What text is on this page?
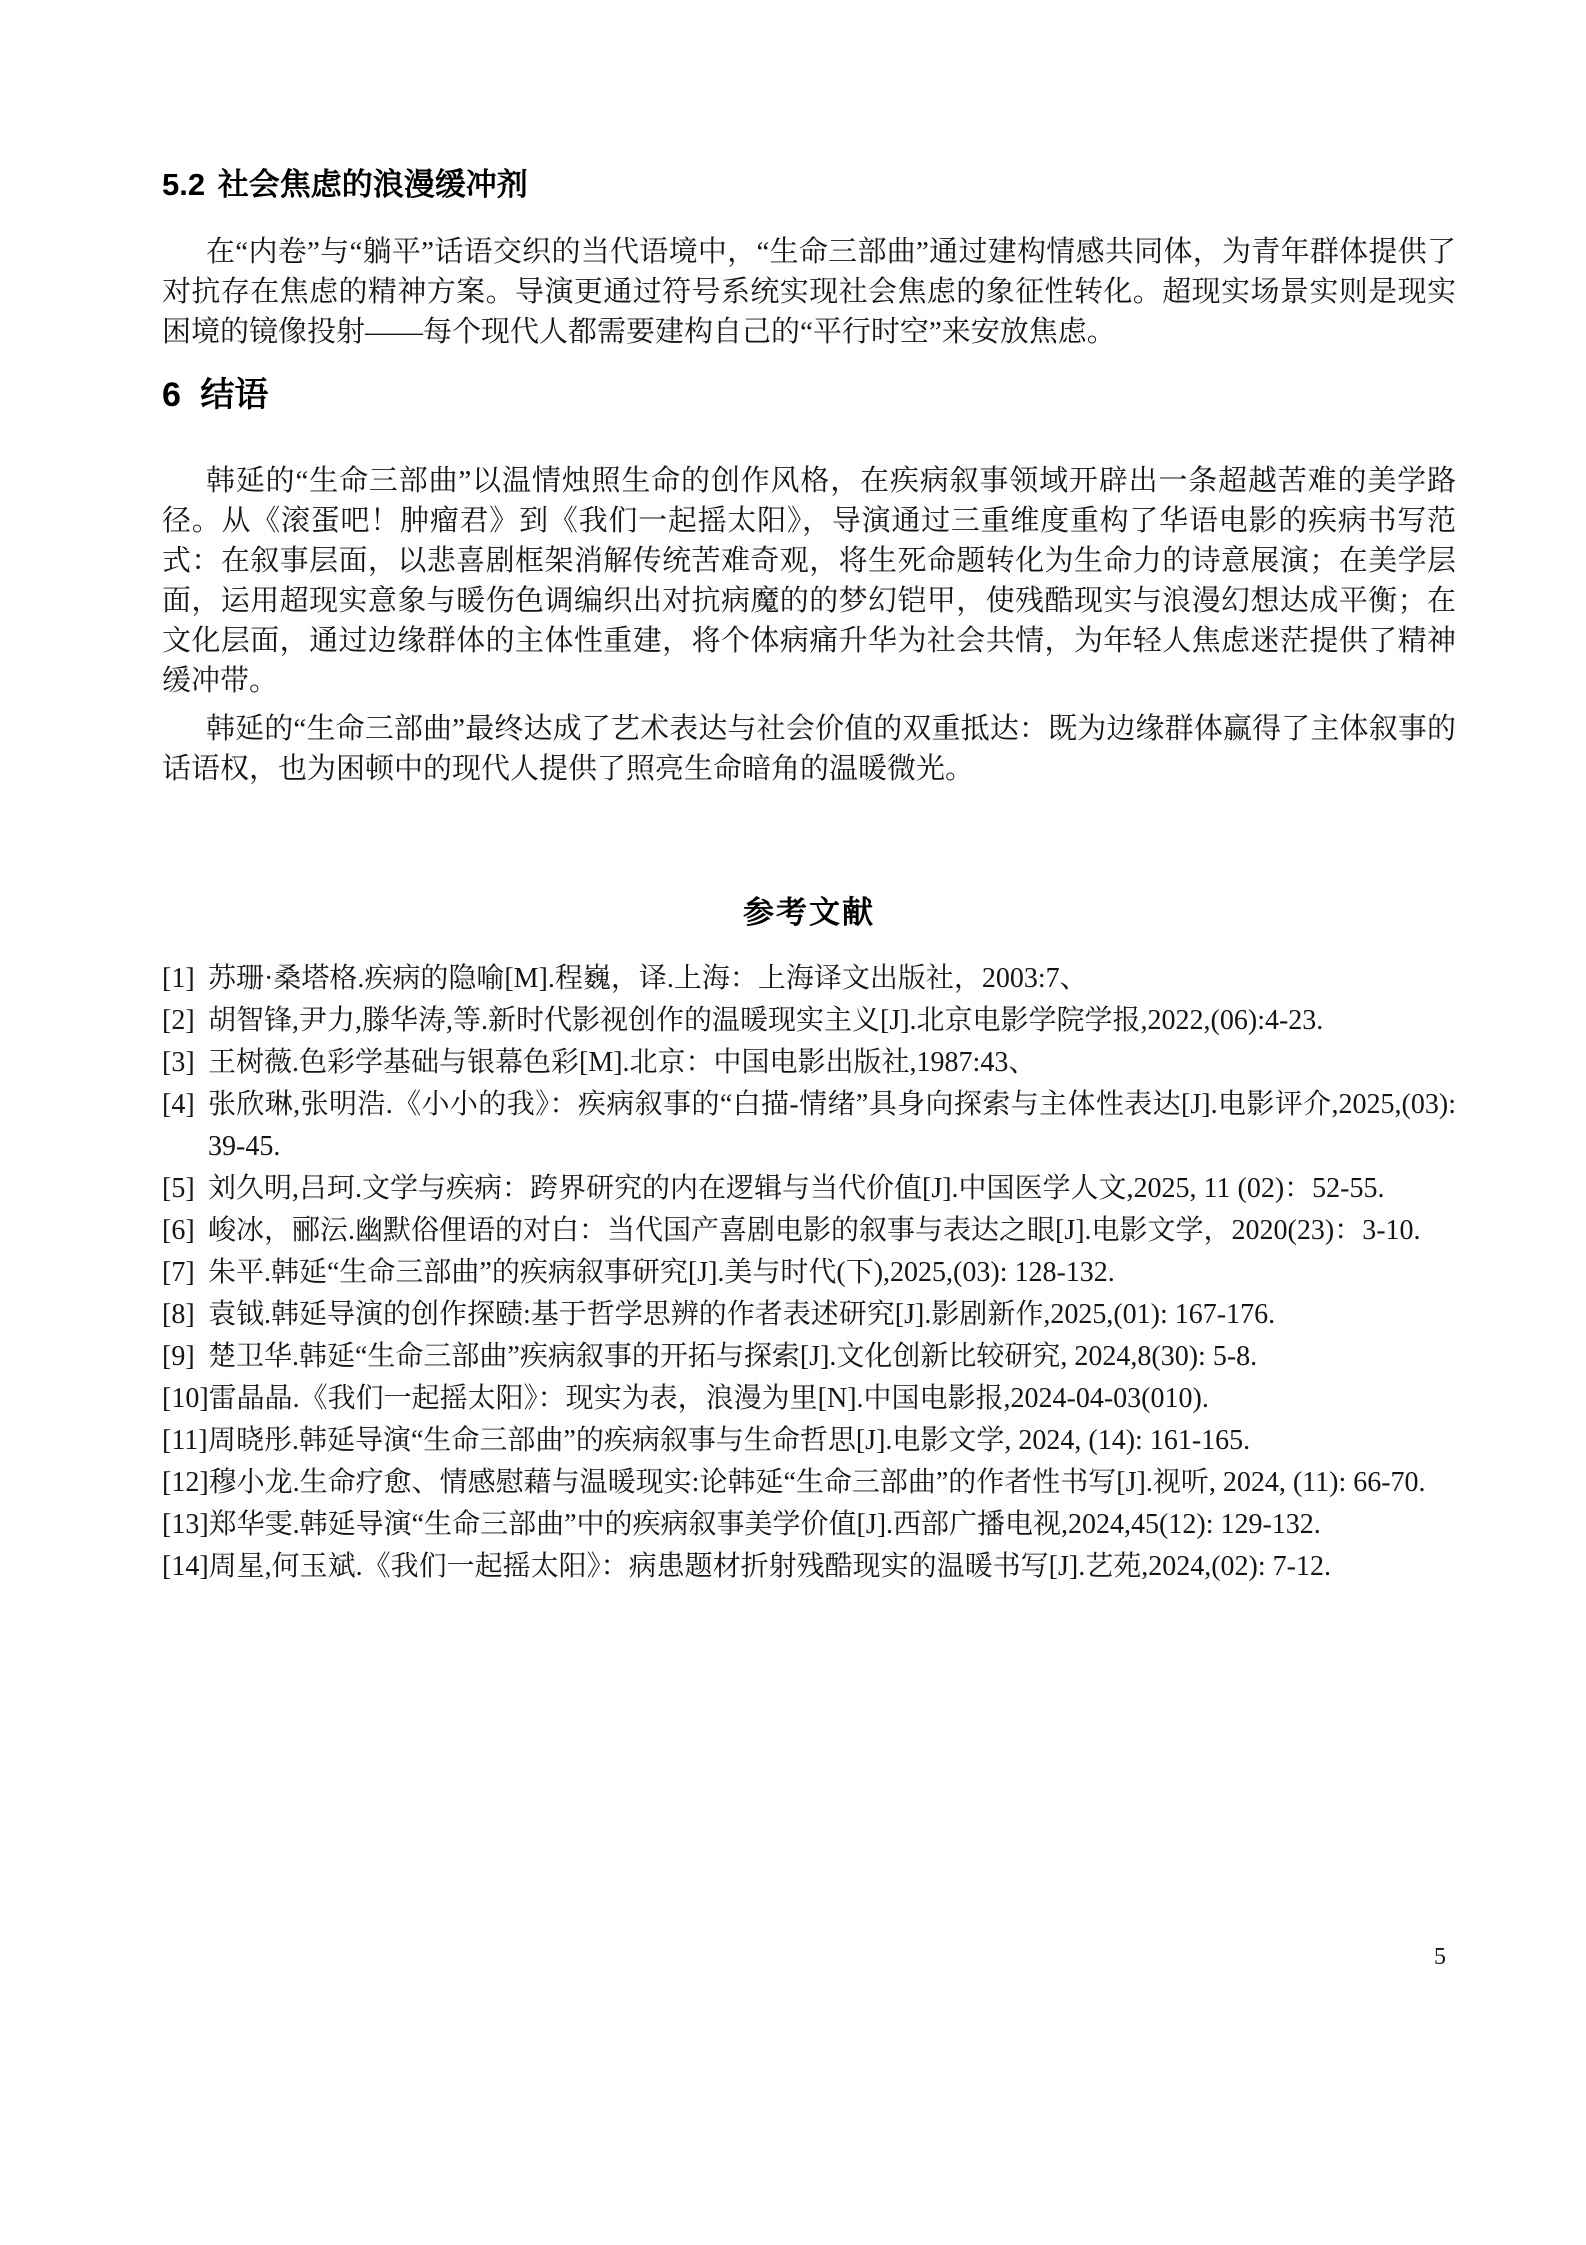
5.2 社会焦虑的浪漫缓冲剂
在“内卷”与“躺平”话语交织的当代语境中，“生命三部曲”通过建构情感共同体，为青年群体提供了对抗存在焦虑的精神方案。导演更通过符号系统实现社会焦虑的象征性转化。超现实场景实则是现实困境的镜像投射——每个现代人都需要建构自己的“平行时空”来安放焦虑。
6 结语
韩延的“生命三部曲”以温情烛照生命的创作风格，在疾病叙事领域开辟出一条超越苦难的美学路径。从《滚蛋吧！肿瘤君》到《我们一起摇太阳》，导演通过三重维度重构了华语电影的疾病书写范式：在叙事层面，以悲喜剧框架消解传统苦难奇观，将生死命题转化为生命力的诗意展演；在美学层面，运用超现实意象与暖伤色调编织出对抗病魔的的梦幻铠甲，使残酷现实与浪漫幻想达成平衡；在文化层面，通过边缘群体的主体性重建，将个体病痛升华为社会共情，为年轻人焦虑迷茫提供了精神缓冲带。
韩延的“生命三部曲”最终达成了艺术表达与社会价值的双重抵达：既为边缘群体赢得了主体叙事的话语权，也为困顿中的现代人提供了照亮生命暗角的温暖微光。
参考文献
[1] 苏珊·桑塔格.疾病的隐喻[M].程巍，译.上海：上海译文出版社，2003:7、
[2] 胡智锋,尹力,滕华涛,等.新时代影视创作的温暖现实主义[J].北京电影学院学报,2022,(06):4-23.
[3] 王树薇.色彩学基础与银幕色彩[M].北京：中国电影出版社,1987:43、
[4] 张欣琳,张明浩.《小小的我》：疾病叙事的“白描-情绪”具身向探索与主体性表达[J].电影评介,2025,(03): 39-45.
[5] 刘久明,吕珂.文学与疾病：跨界研究的内在逻辑与当代价值[J].中国医学人文,2025, 11 (02)：52-55.
[6] 峻冰，郦沄.幽默俗俚语的对白：当代国产喜剧电影的叙事与表达之眼[J].电影文学，2020(23)：3-10.
[7] 朱平.韩延“生命三部曲”的疾病叙事研究[J].美与时代(下),2025,(03): 128-132.
[8] 袁钺.韩延导演的创作探赜:基于哲学思辨的作者表述研究[J].影剧新作,2025,(01): 167-176.
[9] 楚卫华.韩延“生命三部曲”疾病叙事的开拓与探索[J].文化创新比较研究, 2024,8(30): 5-8.
[10] 雷晶晶.《我们一起摇太阳》：现实为表，浪漫为里[N].中国电影报,2024-04-03(010).
[11] 周晓彤.韩延导演“生命三部曲”的疾病叙事与生命哲思[J].电影文学, 2024, (14): 161-165.
[12] 穆小龙.生命疗愈、情感慰藉与温暖现实:论韩延“生命三部曲”的作者性书写[J].视听, 2024, (11): 66-70.
[13] 郑华雯.韩延导演“生命三部曲”中的疾病叙事美学价值[J].西部广播电视,2024,45(12): 129-132.
[14] 周星,何玉斌.《我们一起摇太阳》：病患题材折射残酷现实的温暖书写[J].艺苑,2024,(02): 7-12.
5
